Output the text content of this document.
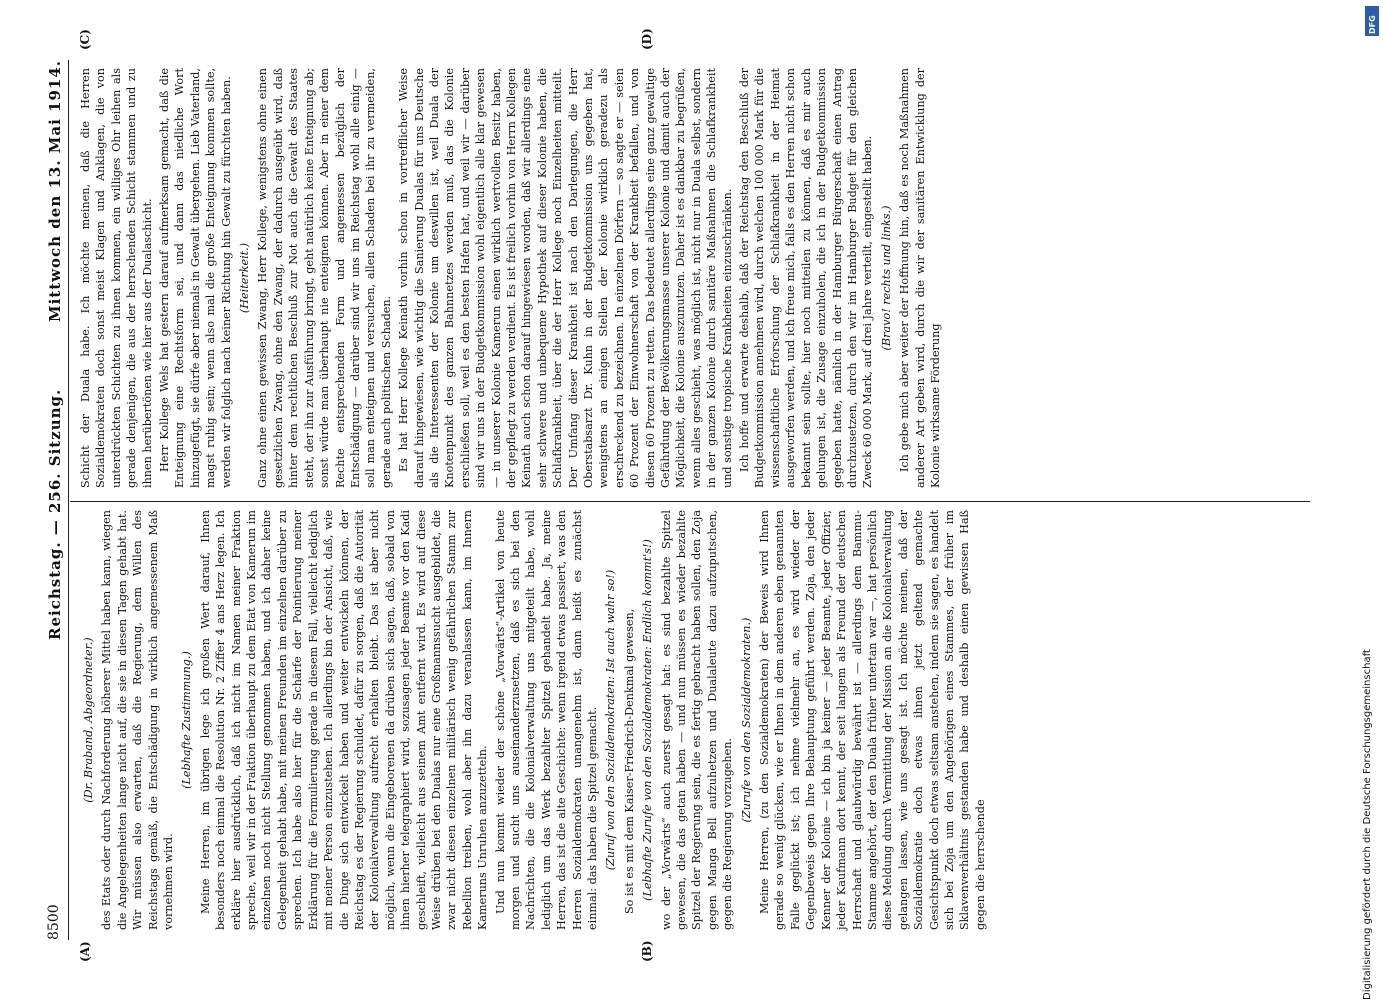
8500
Reichstag. — 256. Sitzung.
Mittwoch den 13. Mai 1914.
(A)	(B)
(C)	(D)

(Dr. Braband, Abgeordneter.) des Etats oder durch Nachforderung höherer Mittel haben kann, wiegen die Angelegenheiten lange nicht auf, die sie in diesen Tagen gehabt hat. Wir müssen also erwarten, daß die Regierung, dem Willen des Reichstags gemäß, die Entschädigung in wirklich angemessenem Maß vornehmen wird.

(Lebhafte Zustimmung.) Meine Herren, im übrigen lege ich großen Wert darauf, Ihnen besonders noch einmal die Resolution Nr. 2 Ziffer 4 ans Herz legen. Ich erkläre hier ausdrücklich, daß ich nicht im Namen meiner Fraktion spreche, weil wir in der Fraktion überhaupt zu dem Etat von Kamerun im einzelnen noch nicht Stellung genommen haben, und ich daher keine Gelegenheit gehabt habe, mit meinen Freunden im einzelnen darüber zu sprechen. Ich habe also hier für die Schärfe der Pointierung meiner Erklärung für die Formulierung gerade in diesem Fall, vielleicht lediglich mit meiner Person einzustehen. Ich allerdings bin der Ansicht, daß, wie die Dinge sich entwickelt haben und weiter entwickeln können, der Reichstag es der Regierung schuldet, dafür zu sorgen, daß die Autorität der Kolonialverwaltung aufrecht erhalten bleibt. Das ist aber nicht möglich, wenn die Eingeborenen da drüben sich sagen, daß, sobald von ihnen hierher telegraphiert wird, sozusagen jeder Beamte vor den Kadi geschleift, vielleicht aus seinem Amt entfernt wird. Es wird auf diese Weise drüben bei den Dualas nur eine Großmannssucht ausgebildet, die zwar nicht diesen einzelnen militärisch wenig gefährlichen Stamm zur Rebellion treiben, wohl aber ihn dazu veranlassen kann, im Innern Kameruns Unruhen anzuzetteln. Und nun kommt wieder der schöne „Vorwärts“-Artikel von heute morgen und sucht uns auseinanderzusetzen, daß es sich bei den Nachrichten, die die Kolonialverwaltung uns mitgeteilt habe, wohl lediglich um das Werk bezahlter Spitzel gehandelt habe. Ja, meine Herren, das ist die alte Geschichte: wenn irgend etwas passiert, was den Herren Sozialdemokraten unangenehm ist, dann heißt es zunächst einmal: das haben die Spitzel gemacht. (Zuruf von den Sozialdemokraten: Ist auch wahr so!) So ist es mit dem Kaiser-Friedrich-Denkmal gewesen, (Lebhafte Zurufe von den Sozialdemokraten: Endlich kommt's!) wo der „Vorwärts“ auch zuerst gesagt hat: es sind bezahlte Spitzel gewesen, die das getan haben — und nun müssen es wieder bezahlte Spitzel der Regierung sein, die es fertig gebracht haben sollen, den Zoja gegen Manga Bell aufzuhetzen und Dualaleute dazu aufzuputschen, gegen die Regierung vorzugehen.

(Zurufe von den Sozialdemokraten.) Meine Herren, (zu den Sozialdemokraten) der Beweis wird Ihnen gerade so wenig glücken, wie er Ihnen in dem anderen eben genannten Falle geglückt ist; ich nehme vielmehr an, es wird wieder der Gegenbeweis gegen Ihre Behauptung geführt werden. Zoja, den jeder Kenner der Kolonie — ich bin ja keiner — jeder Beamte, jeder Offizier, jeder Kaufmann dort kennt, der seit langem als Freund der deutschen Herrschaft und glaubwürdig bewährt ist — allerdings dem Bammu-Stamme angehört, der den Duala früher untertan war —, hat persönlich diese Meldung durch Vermittlung der Mission an die Kolonialverwaltung gelangen lassen, wie uns gesagt ist. Ich möchte meinen, daß der Sozialdemokratie doch etwas ihnen jetzt geltend gemachte Gesichtspunkt doch etwas seltsam anstehen, indem sie sagen, es handelt sich bei Zoja um den Angehörigen eines Stammes, der früher im Sklavenverhältnis gestanden habe und deshalb einen gewissen Haß gegen die herrschende

Schicht der Duala habe. Ich möchte meinen, daß die Herren Sozialdemokraten doch sonst meist Klagen und Anklagen, die von unterdrückten Schichten zu ihnen kommen, ein williges Ohr leihen als gerade denjenigen, die aus der herrschenden Schicht stammen und zu ihnen herübertönen wie hier aus der Dualaschicht. Herr Kollege Wels hat gestern darauf aufmerksam gemacht, daß die Enteignung eine Rechtsform sei, und dann das niedliche Wort hinzugefügt, sie dürfe aber niemals in Gewalt übergehen. Lieb Vaterland, magst ruhig sein; wenn also mal die große Enteignung kommen sollte, werden wir folglich nach keiner Richtung hin Gewalt zu fürchten haben. (Heiterkeit.) Ganz ohne einen gewissen Zwang, Herr Kollege, wenigstens ohne einen gesetzlichen Zwang, ohne den Zwang, der dadurch ausgeübt wird, daß hinter dem rechtlichen Beschluß zur Not auch die Gewalt des Staates steht, der ihn zur Ausführung bringt, geht natürlich keine Enteignung ab; sonst würde man überhaupt nie enteignen können. Aber in einer dem Rechte entsprechenden Form und angemessen bezüglich der Entschädigung — darüber sind wir uns im Reichstag wohl alle einig — soll man enteignen und versuchen, allen Schaden bei ihr zu vermeiden, gerade auch politischen Schaden. Es hat Herr Kollege Keinath vorhin schon in vortrefflicher Weise darauf hingewiesen, wie wichtig die Sanierung Dualas für uns Deutsche als die Interessenten der Kolonie um deswillen ist, weil Duala der Knotenpunkt des ganzen Bahnnetzes werden muß, das die Kolonie erschließen soll, weil es den besten Hafen hat, und weil wir — darüber sind wir uns in der Budgetkommission wohl eigentlich alle klar gewesen — in unserer Kolonie Kamerun einen wirklich wertvollen Besitz haben, der gepflegt zu werden verdient. Es ist freilich vorhin von Herrn Kollegen Keinath auch schon darauf hingewiesen worden, daß wir allerdings eine sehr schwere und unbequeme Hypothek auf dieser Kolonie haben, die Schlafkrankheit, über die der Herr Kollege noch Einzelheiten mitteilt. Der Umfang dieser Krankheit ist nach den Darlegungen, die Herr Oberstabsarzt Dr. Kuhn in der Budgetkommission uns gegeben hat, wenigstens an einigen Stellen der Kolonie wirklich geradezu als erschreckend zu bezeichnen. In einzelnen Dörfern — so sagte er — seien 60 Prozent der Einwohnerschaft von der Krankheit befallen, und von diesen 60 Prozent zu retten. Das bedeutet allerdings eine ganz gewaltige Gefährdung der Bevölkerungsmasse unserer Kolonie und damit auch der Möglichkeit, die Kolonie auszunutzen. Daher ist es dankbar zu begrüßen, wenn alles geschieht, was möglich ist, nicht nur in Duala selbst, sondern in der ganzen Kolonie durch sanitäre Maßnahmen die Schlafkrankheit und sonstige tropische Krankheiten einzuschränken. Ich hoffe und erwarte deshalb, daß der Reichstag den Beschluß der Budgetkommission annehmen wird, durch welchen 100 000 Mark für die wissenschaftliche Erforschung der Schlafkrankheit in der Heimat ausgeworfen werden, und ich freue mich, falls es den Herren nicht schon bekannt sein sollte, hier noch mitteilen zu können, daß es mir auch gelungen ist, die Zusage einzuholen, die ich in der Budgetkommission gegeben hatte, nämlich in der Hamburger Bürgerschaft einen Antrag durchzusetzen, durch den wir im Hamburger Budget für den gleichen Zweck 60 000 Mark, auf drei Jahre verteilt, eingestellt haben. (Bravo! rechts und links.) Ich gebe mich aber weiter der Hoffnung hin, daß es noch Maßnahmen anderer Art geben wird, durch die wir der sanitären Entwicklung der Kolonie wirksame Förderung

DFG
Digitalisierung gefördert durch die Deutsche Forschungsgemeinschaft
